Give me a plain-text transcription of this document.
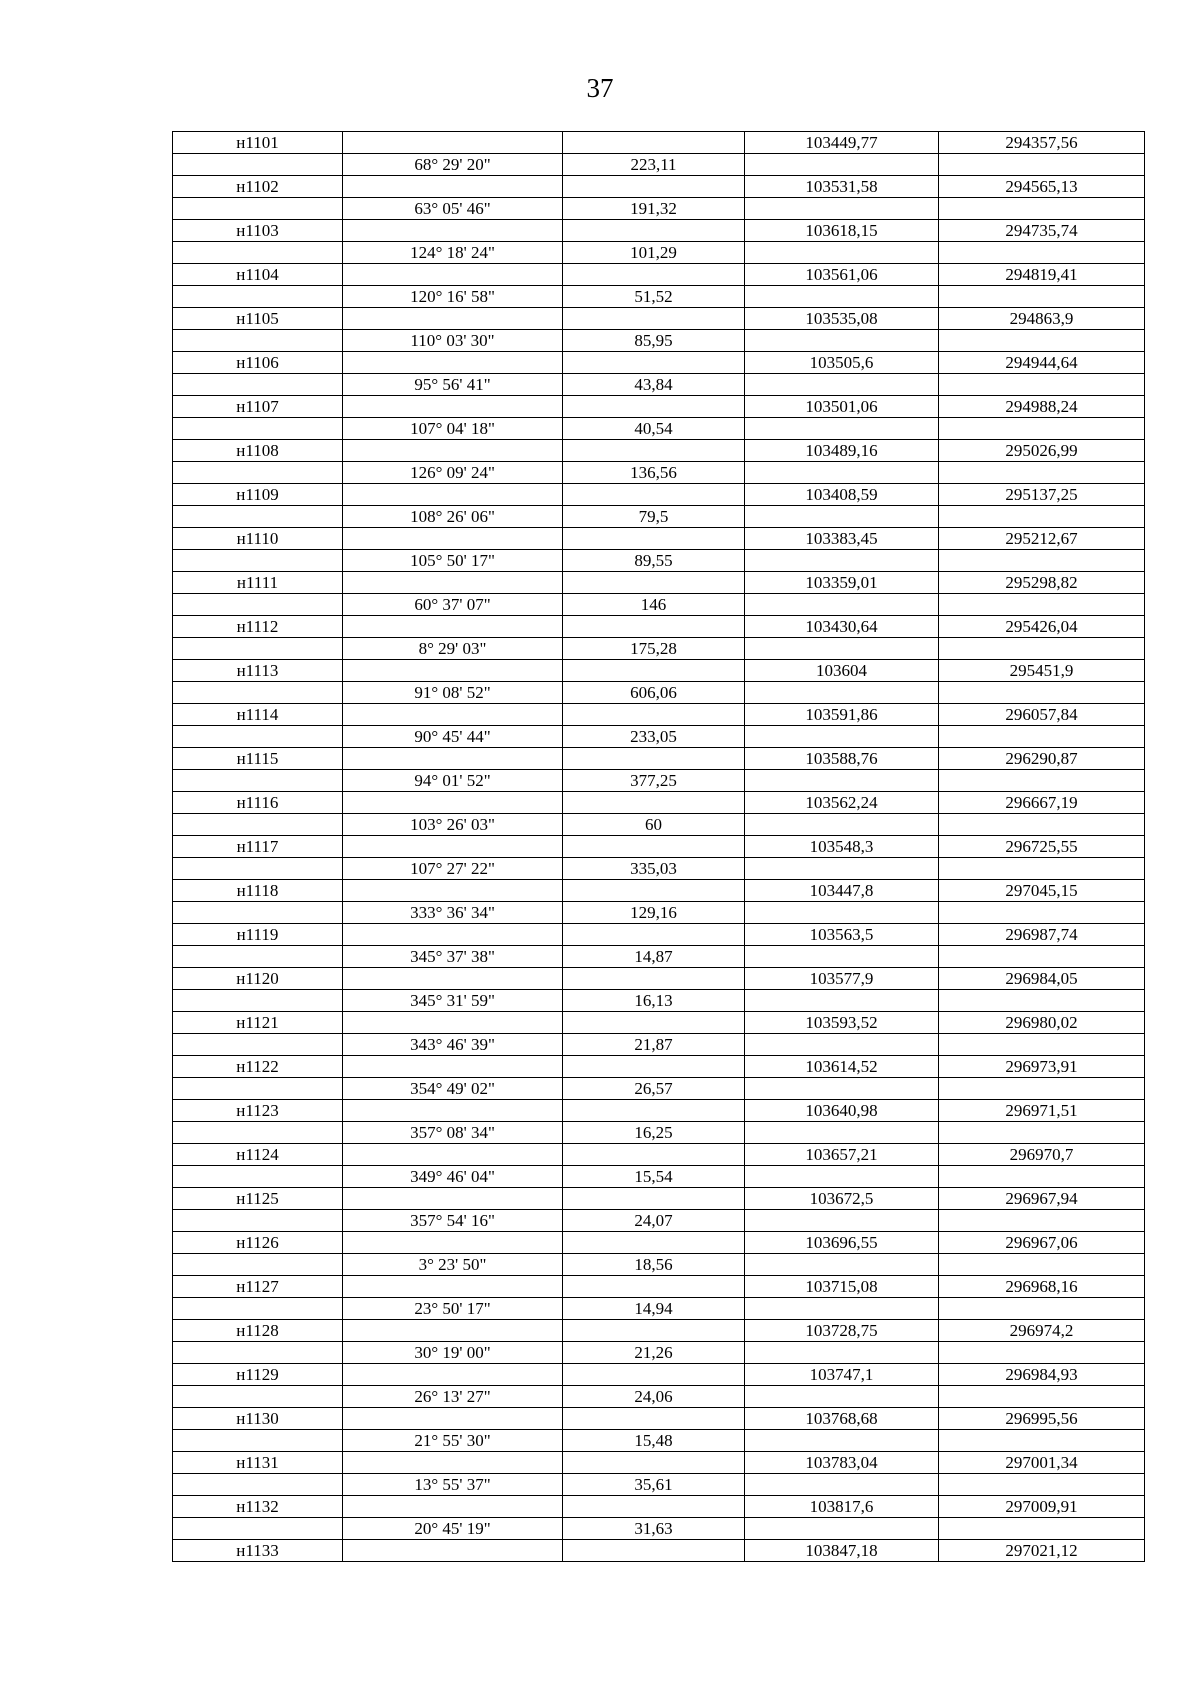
37
н1101			103449,77	294357,56
	68° 29' 20"	223,11		
н1102			103531,58	294565,13
	63° 05' 46"	191,32		
н1103			103618,15	294735,74
	124° 18' 24"	101,29		
н1104			103561,06	294819,41
	120° 16' 58"	51,52		
н1105			103535,08	294863,9
	110° 03' 30"	85,95		
н1106			103505,6	294944,64
	95° 56' 41"	43,84		
н1107			103501,06	294988,24
	107° 04' 18"	40,54		
н1108			103489,16	295026,99
	126° 09' 24"	136,56		
н1109			103408,59	295137,25
	108° 26' 06"	79,5		
н1110			103383,45	295212,67
	105° 50' 17"	89,55		
н1111			103359,01	295298,82
	60° 37' 07"	146		
н1112			103430,64	295426,04
	8° 29' 03"	175,28		
н1113			103604	295451,9
	91° 08' 52"	606,06		
н1114			103591,86	296057,84
	90° 45' 44"	233,05		
н1115			103588,76	296290,87
	94° 01' 52"	377,25		
н1116			103562,24	296667,19
	103° 26' 03"	60		
н1117			103548,3	296725,55
	107° 27' 22"	335,03		
н1118			103447,8	297045,15
	333° 36' 34"	129,16		
н1119			103563,5	296987,74
	345° 37' 38"	14,87		
н1120			103577,9	296984,05
	345° 31' 59"	16,13		
н1121			103593,52	296980,02
	343° 46' 39"	21,87		
н1122			103614,52	296973,91
	354° 49' 02"	26,57		
н1123			103640,98	296971,51
	357° 08' 34"	16,25		
н1124			103657,21	296970,7
	349° 46' 04"	15,54		
н1125			103672,5	296967,94
	357° 54' 16"	24,07		
н1126			103696,55	296967,06
	3° 23' 50"	18,56		
н1127			103715,08	296968,16
	23° 50' 17"	14,94		
н1128			103728,75	296974,2
	30° 19' 00"	21,26		
н1129			103747,1	296984,93
	26° 13' 27"	24,06		
н1130			103768,68	296995,56
	21° 55' 30"	15,48		
н1131			103783,04	297001,34
	13° 55' 37"	35,61		
н1132			103817,6	297009,91
	20° 45' 19"	31,63		
н1133			103847,18	297021,12
